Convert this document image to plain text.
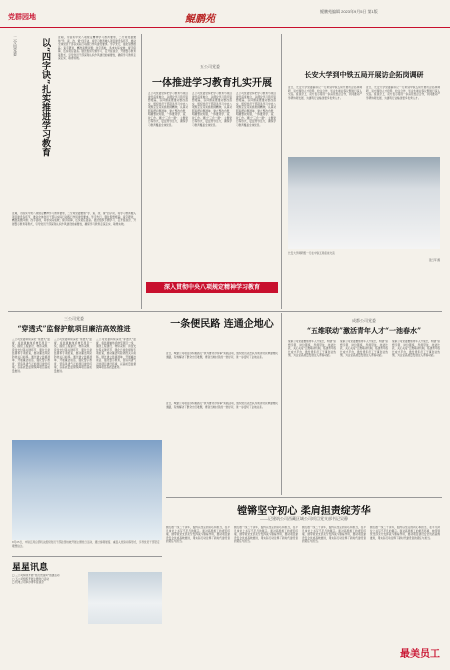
党群园地	鲲鹏苑
鲲鹏苑编辑 2023年9月5日 第1版
二分局党委	以“四字诀”扎实推进学习教育
近期，为落实中央八项规定精神学习教育要求，二分局党委聚焦“学、查、改、督”四字诀，将学习教育融入项目建设各环节，推动全体党员干部以实际行动践行作风建设要求。学字先行，强化思想根基；查字跟进，精准查摆问题；改字落地，务求实际成效；督字保障，压实责任链条。通过组织专题学习、召开座谈会、开展警示教育等形式，引导党员干部深刻认识作风建设的重要性，确保学习教育走深走实、取得实效。
近期，为落实中央八项规定精神学习教育要求，二分局党委聚焦“学、查、改、督”四字诀，将学习教育融入项目建设各环节，推动全体党员干部以实际行动践行作风建设要求。学字先行，强化思想根基；查字跟进，精准查摆问题；改字落地，务求实际成效；督字保障，压实责任链条。通过组织专题学习、召开座谈会、开展警示教育等形式，引导党员干部深刻认识作风建设的重要性，确保学习教育走深走实、取得实效。
五公司党委
一体推进学习教育扎实开展
五公司党委坚持把学习教育与项目建设深度融合，以理论学习筑牢思想根基，以问题查摆推动整改落实，组织党员干部逐条学习中央八项规定及其实施细则精神，认真对照查摆问题清单，建立整改台账，明确整改时限，一体推进学、查、改工作。通过“三会一课”、主题党日等形式，层层传导压力，确保学习教育覆盖全体党员。
五公司党委坚持把学习教育与项目建设深度融合，以理论学习筑牢思想根基，以问题查摆推动整改落实，组织党员干部逐条学习中央八项规定及其实施细则精神，认真对照查摆问题清单，建立整改台账，明确整改时限，一体推进学、查、改工作。通过“三会一课”、主题党日等形式，层层传导压力，确保学习教育覆盖全体党员。
五公司党委坚持把学习教育与项目建设深度融合，以理论学习筑牢思想根基，以问题查摆推动整改落实，组织党员干部逐条学习中央八项规定及其实施细则精神，认真对照查摆问题清单，建立整改台账，明确整改时限，一体推进学、查、改工作。通过“三会一课”、主题党日等形式，层层传导压力，确保学习教育覆盖全体党员。
深入贯彻中央八项规定精神学习教育
长安大学到中铁五局开展访企拓岗调研
近日，长安大学党委副书记一行来到中铁五局开展访企拓岗调研，双方围绕人才培养、校企合作、毕业生就业等议题进行深入交流。座谈会上，双方表示将进一步深化校企合作，共同推动产学研协同发展，为建筑行业输送更多优秀人才。
近日，长安大学党委副书记一行来到中铁五局开展访企拓岗调研，双方围绕人才培养、校企合作、毕业生就业等议题进行深入交流。座谈会上，双方表示将进一步深化校企合作，共同推动产学研协同发展，为建筑行业输送更多优秀人才。
长安大学调研组一行在中铁五局座谈交流
张红军 摄
三公司党委
“穿透式”监督护航项目廉洁高效推进
三公司党委持续深化“穿透式”监督，将监督触角延伸至项目一线，围绕工程建设、物资采购、资金支付等关键环节，强化日常监督和专项检查，推动廉洁风险防控关口前移。通过建立监督清单、开展廉洁谈话、强化警示教育，营造风清气正的项目建设环境，以高质量监督保障项目高质量推进。
三公司党委持续深化“穿透式”监督，将监督触角延伸至项目一线，围绕工程建设、物资采购、资金支付等关键环节，强化日常监督和专项检查，推动廉洁风险防控关口前移。通过建立监督清单、开展廉洁谈话、强化警示教育，营造风清气正的项目建设环境，以高质量监督保障项目高质量推进。
三公司党委持续深化“穿透式”监督，将监督触角延伸至项目一线，围绕工程建设、物资采购、资金支付等关键环节，强化日常监督和专项检查，推动廉洁风险防控关口前移。通过建立监督清单、开展廉洁谈话、强化警示教育，营造风清气正的项目建设环境，以高质量监督保障项目高质量推进。
8月25日，中铁五局总部机关组织党员干部赴西柏坡开展主题党日活动，通过参观展馆、重温入党誓词等形式，引导党员干部坚定理想信念。
一条便民路 连通企地心
近日，城建公司项目部积极践行“我为群众办实事”实践活动，组织党员突击队为周边村民修建便民道路，有效解决了群众出行难题，得到当地村民的一致好评，进一步密切了企地关系。
近日，城建公司项目部积极践行“我为群众办实事”实践活动，组织党员突击队为周边村民修建便民道路，有效解决了群众出行难题，得到当地村民的一致好评，进一步密切了企地关系。
成都公司党委
“五维联动”激活青年人才“一池春水”
成都公司党委聚焦青年人才成长，构建“思想引领、岗位锻炼、导师带徒、技能比武、关心关爱”五维联动机制，搭建青年成长成才平台，激发青年员工干事创业热情，为企业高质量发展注入青春动能。
成都公司党委聚焦青年人才成长，构建“思想引领、岗位锻炼、导师带徒、技能比武、关心关爱”五维联动机制，搭建青年成长成才平台，激发青年员工干事创业热情，为企业高质量发展注入青春动能。
成都公司党委聚焦青年人才成长，构建“思想引领、岗位锻炼、导师带徒、技能比武、关心关爱”五维联动机制，搭建青年成长成才平台，激发青年员工干事创业热情，为企业高质量发展注入青春动能。
镗锵坚守初心 柔肩担责绽芳华
——记建筑公司西藏区域公司项目党支部书记吴静
她扎根一线二十余年，始终以坚定的初心和担当，在平凡岗位上书写不平凡的篇章。面对高原施工的艰苦环境，她带领党支部充分发挥战斗堡垒作用，推动项目建设安全优质高效推进，用实际行动诠释了新时代建设者的责任与担当。
她扎根一线二十余年，始终以坚定的初心和担当，在平凡岗位上书写不平凡的篇章。面对高原施工的艰苦环境，她带领党支部充分发挥战斗堡垒作用，推动项目建设安全优质高效推进，用实际行动诠释了新时代建设者的责任与担当。
她扎根一线二十余年，始终以坚定的初心和担当，在平凡岗位上书写不平凡的篇章。面对高原施工的艰苦环境，她带领党支部充分发挥战斗堡垒作用，推动项目建设安全优质高效推进，用实际行动诠释了新时代建设者的责任与担当。
她扎根一线二十余年，始终以坚定的初心和担当，在平凡岗位上书写不平凡的篇章。面对高原施工的艰苦环境，她带领党支部充分发挥战斗堡垒作用，推动项目建设安全优质高效推进，用实际行动诠释了新时代建设者的责任与担当。
最美员工
星星讯息
□ 三公司持续开展“党员先锋岗”创建活动
□ 五公司组织开展主题党日活动
□ 机电公司举办青年座谈会
